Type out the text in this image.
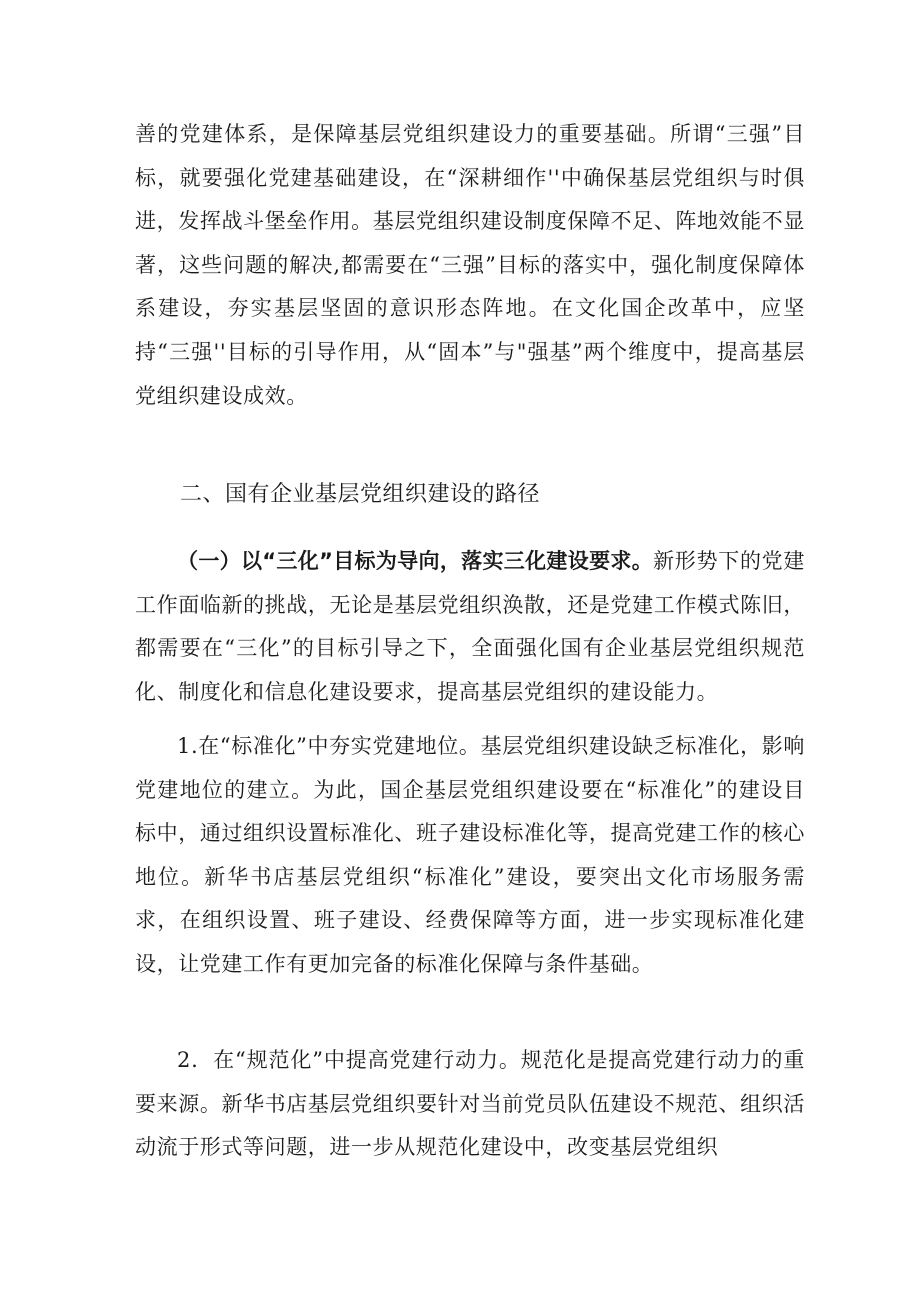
善的党建体系，是保障基层党组织建设力的重要基础。所谓“三强”目标，就要强化党建基础建设，在“深耕细作''中确保基层党组织与时俱进，发挥战斗堡垒作用。基层党组织建设制度保障不足、阵地效能不显著，这些问题的解决,都需要在“三强”目标的落实中，强化制度保障体系建设，夯实基层坚固的意识形态阵地。在文化国企改革中，应坚持“三强''目标的引导作用，从“固本”与"强基”两个维度中，提高基层党组织建设成效。

二、国有企业基层党组织建设的路径

（一）以“三化”目标为导向，落实三化建设要求。新形势下的党建工作面临新的挑战，无论是基层党组织涣散，还是党建工作模式陈旧，都需要在“三化”的目标引导之下，全面强化国有企业基层党组织规范化、制度化和信息化建设要求，提高基层党组织的建设能力。

1.在“标准化”中夯实党建地位。基层党组织建设缺乏标准化，影响党建地位的建立。为此，国企基层党组织建设要在“标准化”的建设目标中，通过组织设置标准化、班子建设标准化等，提高党建工作的核心地位。新华书店基层党组织“标准化”建设，要突出文化市场服务需求，在组织设置、班子建设、经费保障等方面，进一步实现标准化建设，让党建工作有更加完备的标准化保障与条件基础。

2．在“规范化”中提高党建行动力。规范化是提高党建行动力的重要来源。新华书店基层党组织要针对当前党员队伍建设不规范、组织活动流于形式等问题，进一步从规范化建设中，改变基层党组织
